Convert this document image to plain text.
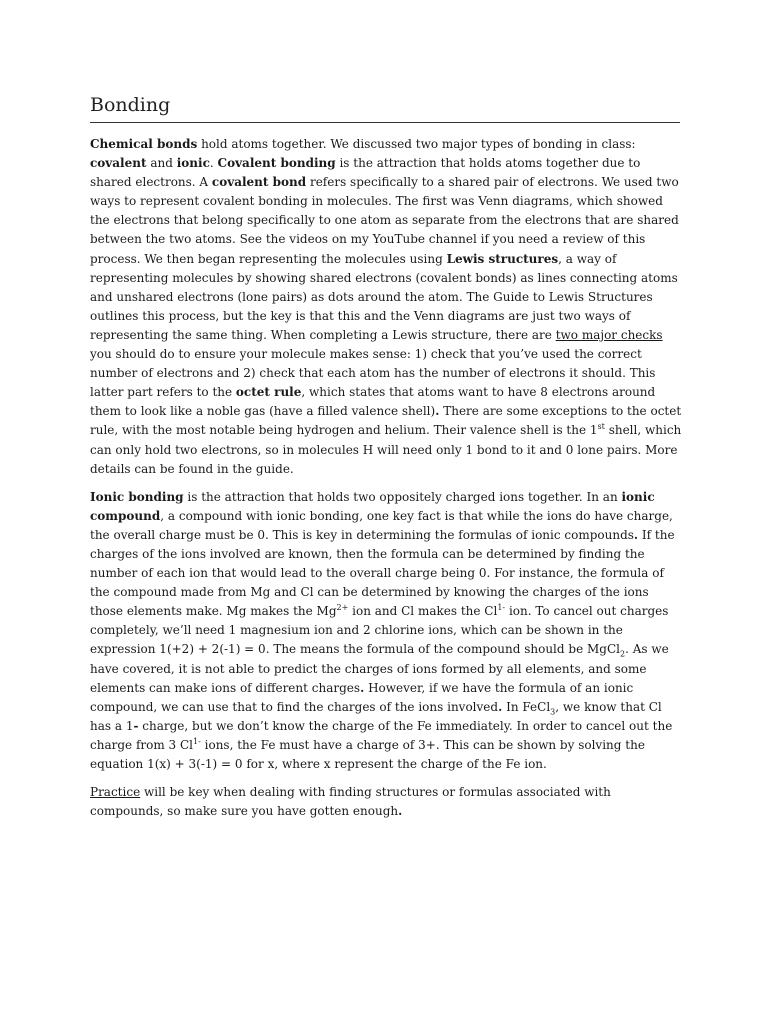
Bonding

Chemical bonds hold atoms together. We discussed two major types of bonding in class: covalent and ionic. Covalent bonding is the attraction that holds atoms together due to shared electrons. A covalent bond refers specifically to a shared pair of electrons. We used two ways to represent covalent bonding in molecules. The first was Venn diagrams, which showed the electrons that belong specifically to one atom as separate from the electrons that are shared between the two atoms. See the videos on my YouTube channel if you need a review of this process. We then began representing the molecules using Lewis structures, a way of representing molecules by showing shared electrons (covalent bonds) as lines connecting atoms and unshared electrons (lone pairs) as dots around the atom. The Guide to Lewis Structures outlines this process, but the key is that this and the Venn diagrams are just two ways of representing the same thing. When completing a Lewis structure, there are two major checks you should do to ensure your molecule makes sense: 1) check that you’ve used the correct number of electrons and 2) check that each atom has the number of electrons it should. This latter part refers to the octet rule, which states that atoms want to have 8 electrons around them to look like a noble gas (have a filled valence shell). There are some exceptions to the octet rule, with the most notable being hydrogen and helium. Their valence shell is the 1st shell, which can only hold two electrons, so in molecules H will need only 1 bond to it and 0 lone pairs. More details can be found in the guide.

Ionic bonding is the attraction that holds two oppositely charged ions together. In an ionic compound, a compound with ionic bonding, one key fact is that while the ions do have charge, the overall charge must be 0. This is key in determining the formulas of ionic compounds. If the charges of the ions involved are known, then the formula can be determined by finding the number of each ion that would lead to the overall charge being 0. For instance, the formula of the compound made from Mg and Cl can be determined by knowing the charges of the ions those elements make. Mg makes the $Mg^{2+}$ ion and Cl makes the $Cl^{1-}$ ion. To cancel out charges completely, we’ll need 1 magnesium ion and 2 chlorine ions, which can be shown in the expression 1(+2) + 2(-1) = 0. The means the formula of the compound should be MgCl$_2$. As we have covered, it is not able to predict the charges of ions formed by all elements, and some elements can make ions of different charges. However, if we have the formula of an ionic compound, we can use that to find the charges of the ions involved. In FeCl$_3$, we know that Cl has a 1- charge, but we don’t know the charge of the Fe immediately. In order to cancel out the charge from 3 $Cl^{1-}$ ions, the Fe must have a charge of 3+. This can be shown by solving the equation 1(x) + 3(-1) = 0 for x, where x represent the charge of the Fe ion.

Practice will be key when dealing with finding structures or formulas associated with compounds, so make sure you have gotten enough.
